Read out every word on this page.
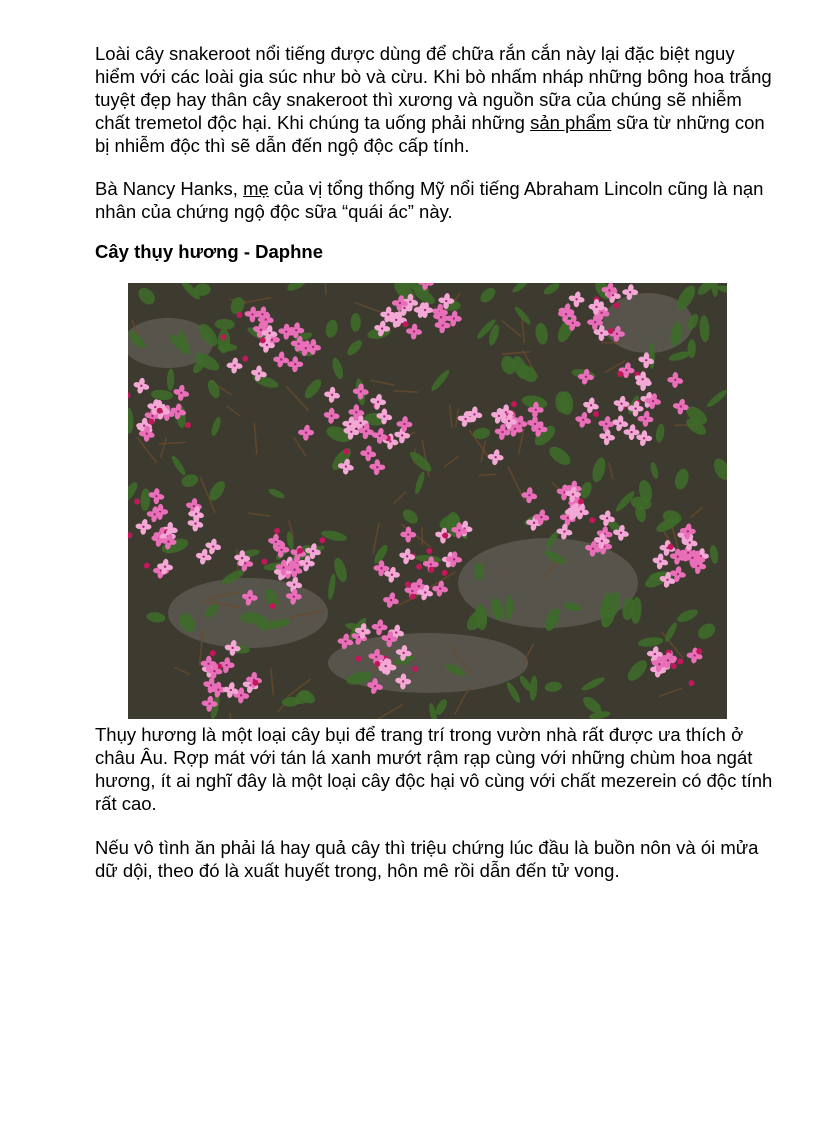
Loài cây snakeroot nổi tiếng được dùng để chữa rắn cắn này lại đặc biệt nguy hiểm với các loài gia súc như bò và cừu. Khi bò nhấm nháp những bông hoa trắng tuyệt đẹp hay thân cây snakeroot thì xương và nguồn sữa của chúng sẽ nhiễm chất tremetol độc hại. Khi chúng ta uống phải những sản phẩm sữa từ những con bị nhiễm độc thì sẽ dẫn đến ngộ độc cấp tính.

Bà Nancy Hanks, mẹ của vị tổng thống Mỹ nổi tiếng Abraham Lincoln cũng là nạn nhân của chứng ngộ độc sữa “quái ác” này.

Cây thụy hương - Daphne

Thụy hương là một loại cây bụi để trang trí trong vườn nhà rất được ưa thích ở châu Âu. Rợp mát với tán lá xanh mướt rậm rạp cùng với những chùm hoa ngát hương, ít ai nghĩ đây là một loại cây độc hại vô cùng với chất mezerein có độc tính rất cao.

Nếu vô tình ăn phải lá hay quả cây thì triệu chứng lúc đầu là buồn nôn và ói mửa dữ dội, theo đó là xuất huyết trong, hôn mê rồi dẫn đến tử vong.
